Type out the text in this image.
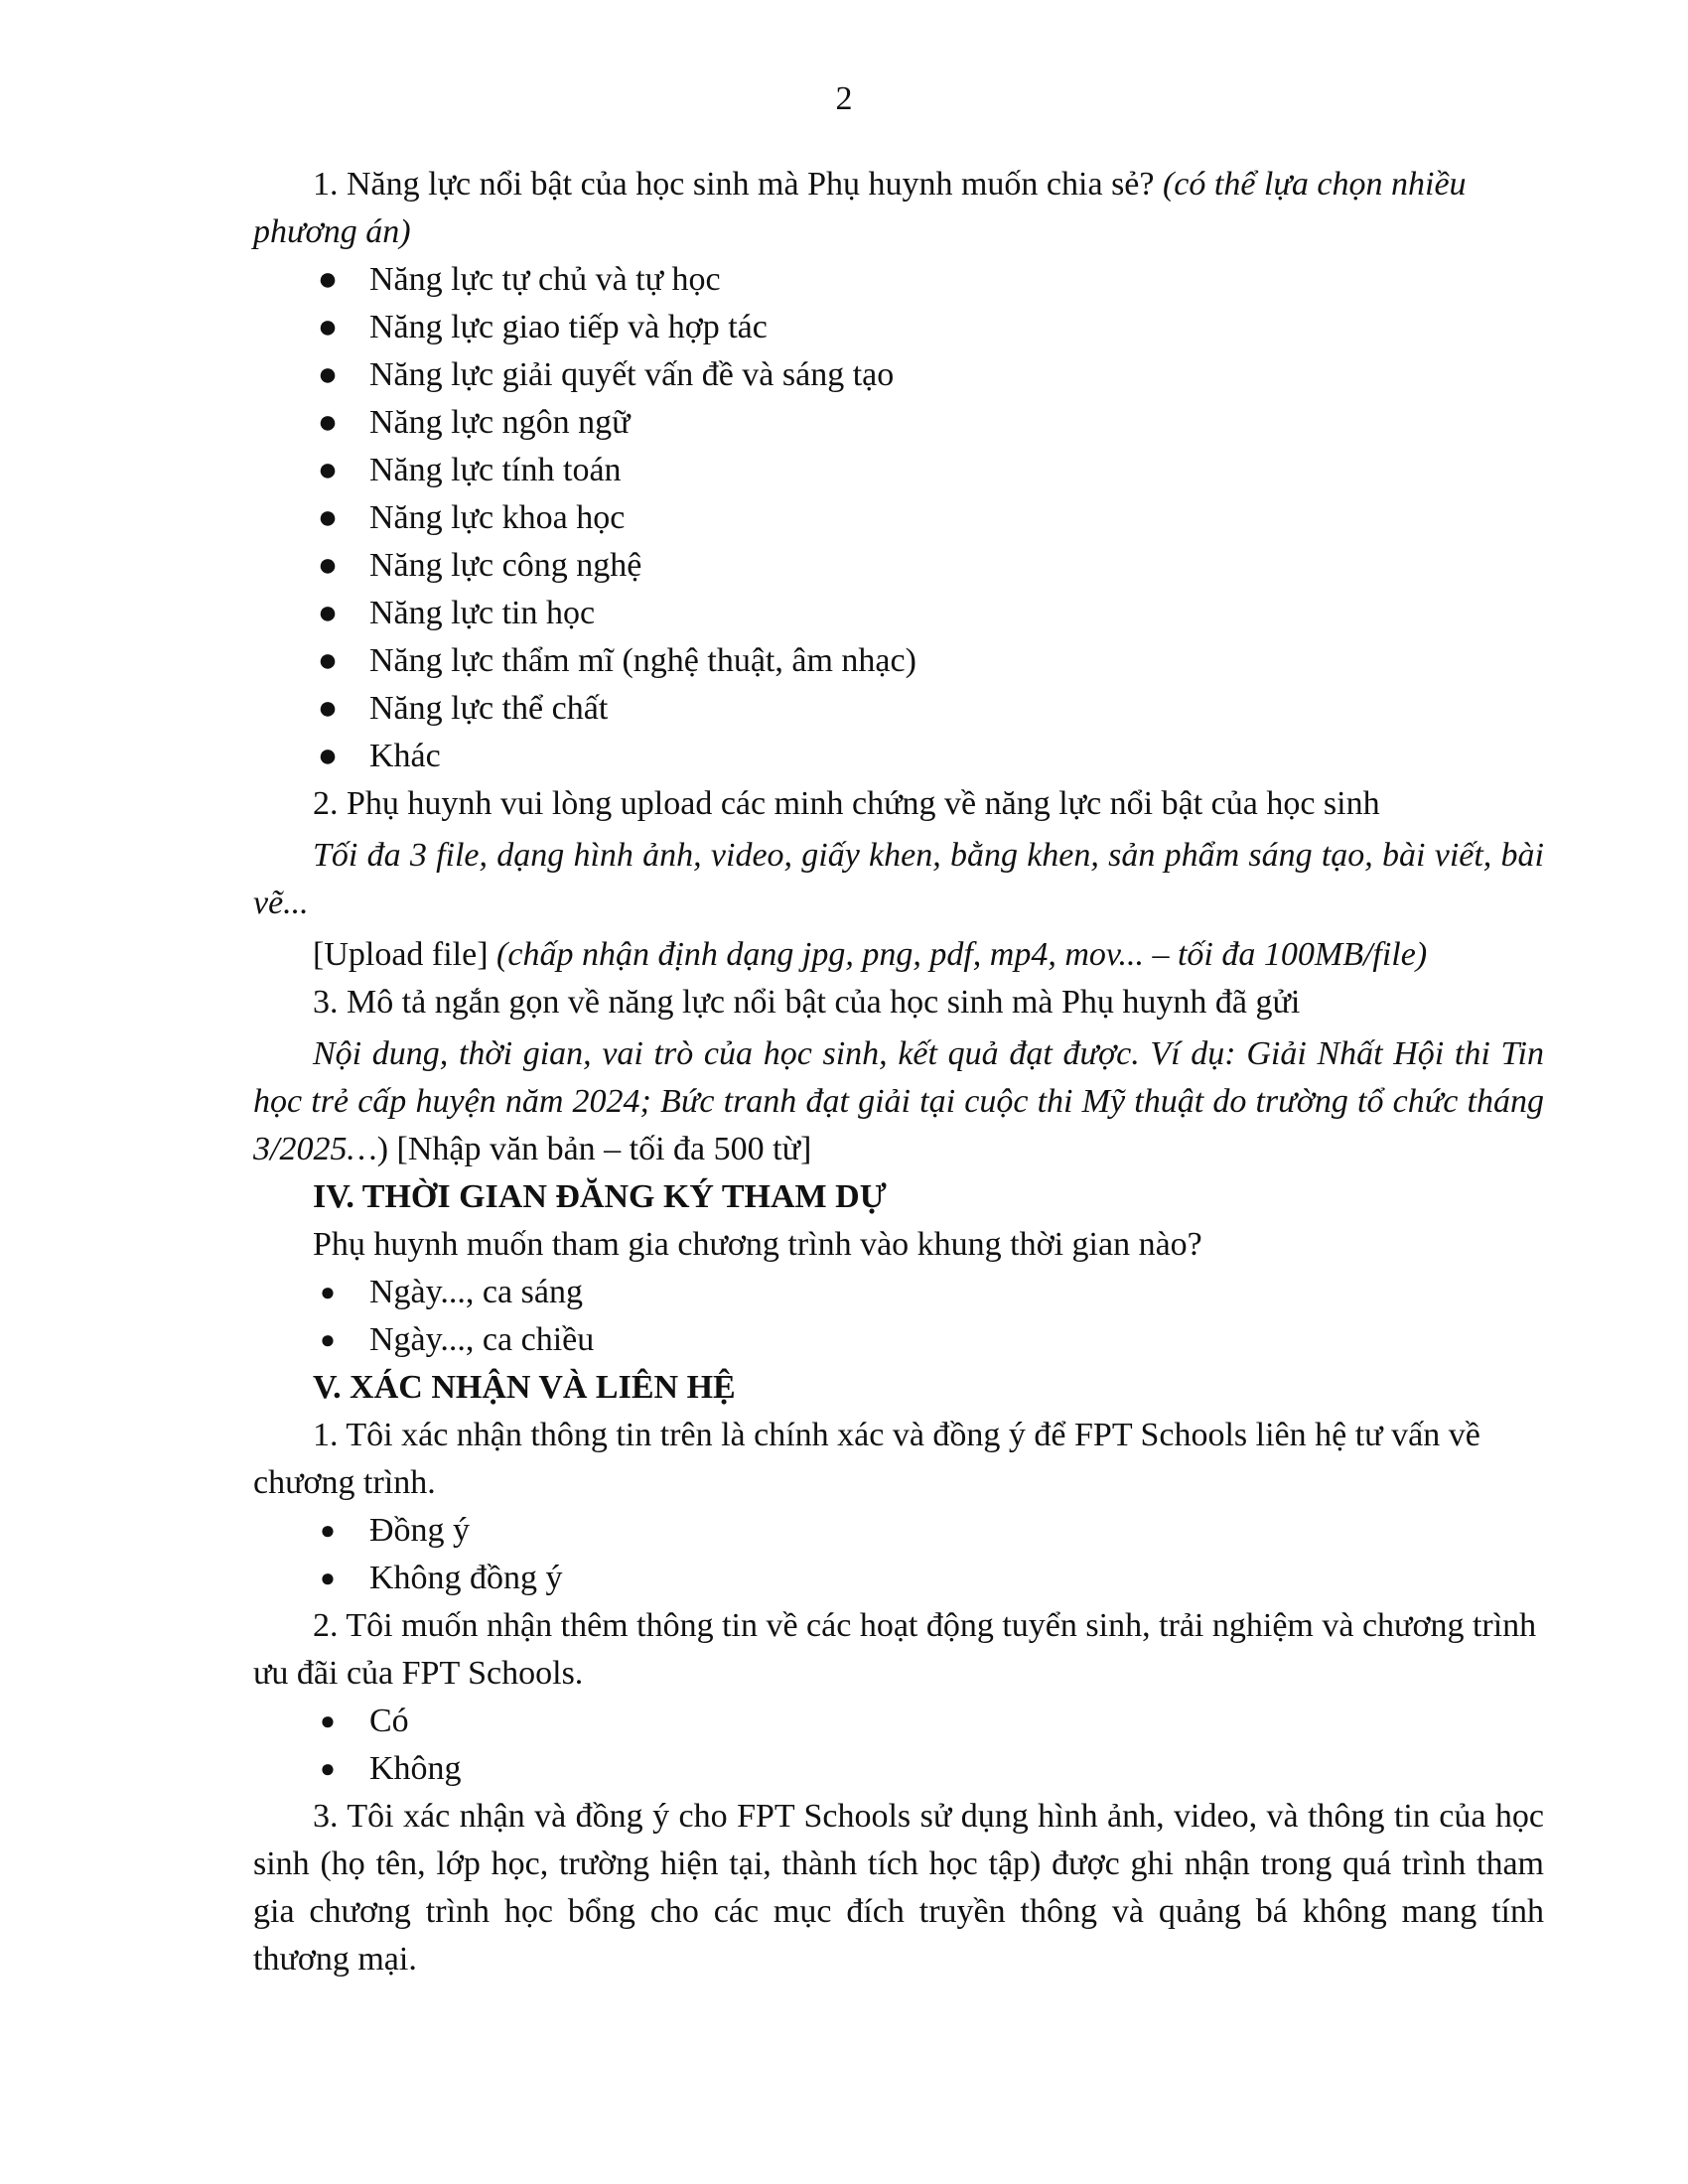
2

1. Năng lực nổi bật của học sinh mà Phụ huynh muốn chia sẻ? (có thể lựa chọn nhiều phương án)

● Năng lực tự chủ và tự học
● Năng lực giao tiếp và hợp tác
● Năng lực giải quyết vấn đề và sáng tạo
● Năng lực ngôn ngữ
● Năng lực tính toán
● Năng lực khoa học
● Năng lực công nghệ
● Năng lực tin học
● Năng lực thẩm mĩ (nghệ thuật, âm nhạc)
● Năng lực thể chất
● Khác

2. Phụ huynh vui lòng upload các minh chứng về năng lực nổi bật của học sinh

Tối đa 3 file, dạng hình ảnh, video, giấy khen, bằng khen, sản phẩm sáng tạo, bài viết, bài vẽ...

[Upload file] (chấp nhận định dạng jpg, png, pdf, mp4, mov... – tối đa 100MB/file)

3. Mô tả ngắn gọn về năng lực nổi bật của học sinh mà Phụ huynh đã gửi

Nội dung, thời gian, vai trò của học sinh, kết quả đạt được. Ví dụ: Giải Nhất Hội thi Tin học trẻ cấp huyện năm 2024; Bức tranh đạt giải tại cuộc thi Mỹ thuật do trường tổ chức tháng 3/2025…) [Nhập văn bản – tối đa 500 từ]

IV. THỜI GIAN ĐĂNG KÝ THAM DỰ

Phụ huynh muốn tham gia chương trình vào khung thời gian nào?

● Ngày..., ca sáng
● Ngày..., ca chiều

V. XÁC NHẬN VÀ LIÊN HỆ

1. Tôi xác nhận thông tin trên là chính xác và đồng ý để FPT Schools liên hệ tư vấn về chương trình.

● Đồng ý
● Không đồng ý

2. Tôi muốn nhận thêm thông tin về các hoạt động tuyển sinh, trải nghiệm và chương trình ưu đãi của FPT Schools.

● Có
● Không

3. Tôi xác nhận và đồng ý cho FPT Schools sử dụng hình ảnh, video, và thông tin của học sinh (họ tên, lớp học, trường hiện tại, thành tích học tập) được ghi nhận trong quá trình tham gia chương trình học bổng cho các mục đích truyền thông và quảng bá không mang tính thương mại.
